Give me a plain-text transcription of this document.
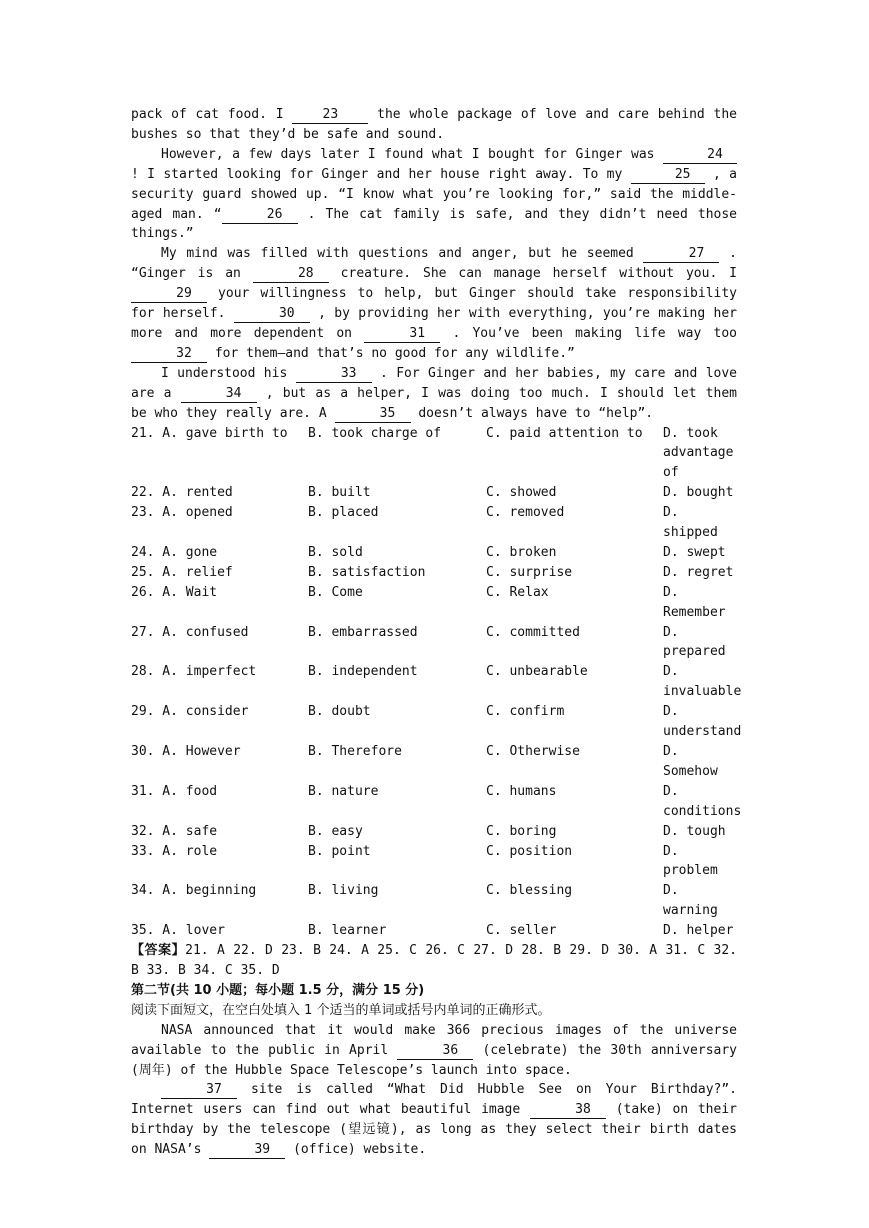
pack of cat food. I 23 the whole package of love and care behind the bushes so that they’d be safe and sound.

However, a few days later I found what I bought for Ginger was	24 ! I started looking for Ginger and her house right away. To my	25 , a security guard showed up. “I know what you’re looking for,” said the middle-aged man. “	26 . The cat family is safe, and they didn’t need those things.”

My mind was filled with questions and anger, but he seemed	27 . “Ginger is an	28 creature. She can manage herself without you. I 29 your willingness to help, but Ginger should take responsibility for herself.	30 , by providing her with everything, you’re making her more and more dependent on	31 . You’ve been making life way too 32 for them—and that’s no good for any wildlife.”

I understood his	33 . For Ginger and her babies, my care and love are a	34 , but as a helper, I was doing too much. I should let them be who they really are. A	35 doesn’t always have to “help”.

21. A. gave birth to	B. took charge of	C. paid attention to	D. took advantage of
22. A. rented	B. built	C. showed	D. bought
23. A. opened	B. placed	C. removed	D. shipped
24. A. gone	B. sold	C. broken	D. swept
25. A. relief	B. satisfaction	C. surprise	D. regret
26. A. Wait	B. Come	C. Relax	D. Remember
27. A. confused	B. embarrassed	C. committed	D. prepared
28. A. imperfect	B. independent	C. unbearable	D. invaluable
29. A. consider	B. doubt	C. confirm	D. understand
30. A. However	B. Therefore	C. Otherwise	D. Somehow
31. A. food	B. nature	C. humans	D. conditions
32. A. safe	B. easy	C. boring	D. tough
33. A. role	B. point	C. position	D. problem
34. A. beginning	B. living	C. blessing	D. warning
35. A. lover	B. learner	C. seller	D. helper

【答案】21. A 22. D 23. B 24. A 25. C 26. C 27. D 28. B 29. D 30. A 31. C 32. B 33. B 34. C 35. D

第二节(共 10 小题；每小题 1.5 分，满分 15 分)

阅读下面短文，在空白处填入 1 个适当的单词或括号内单词的正确形式。

NASA announced that it would make 366 precious images of the universe available to the public in April	36 (celebrate) the 30th anniversary (周年) of the Hubble Space Telescope’s launch into space.

37 site is called “What Did Hubble See on Your Birthday?”. Internet users can find out what beautiful image	38 (take) on their birthday by the telescope (望远镜), as long as they select their birth dates on NASA’s	39 (office) website.
